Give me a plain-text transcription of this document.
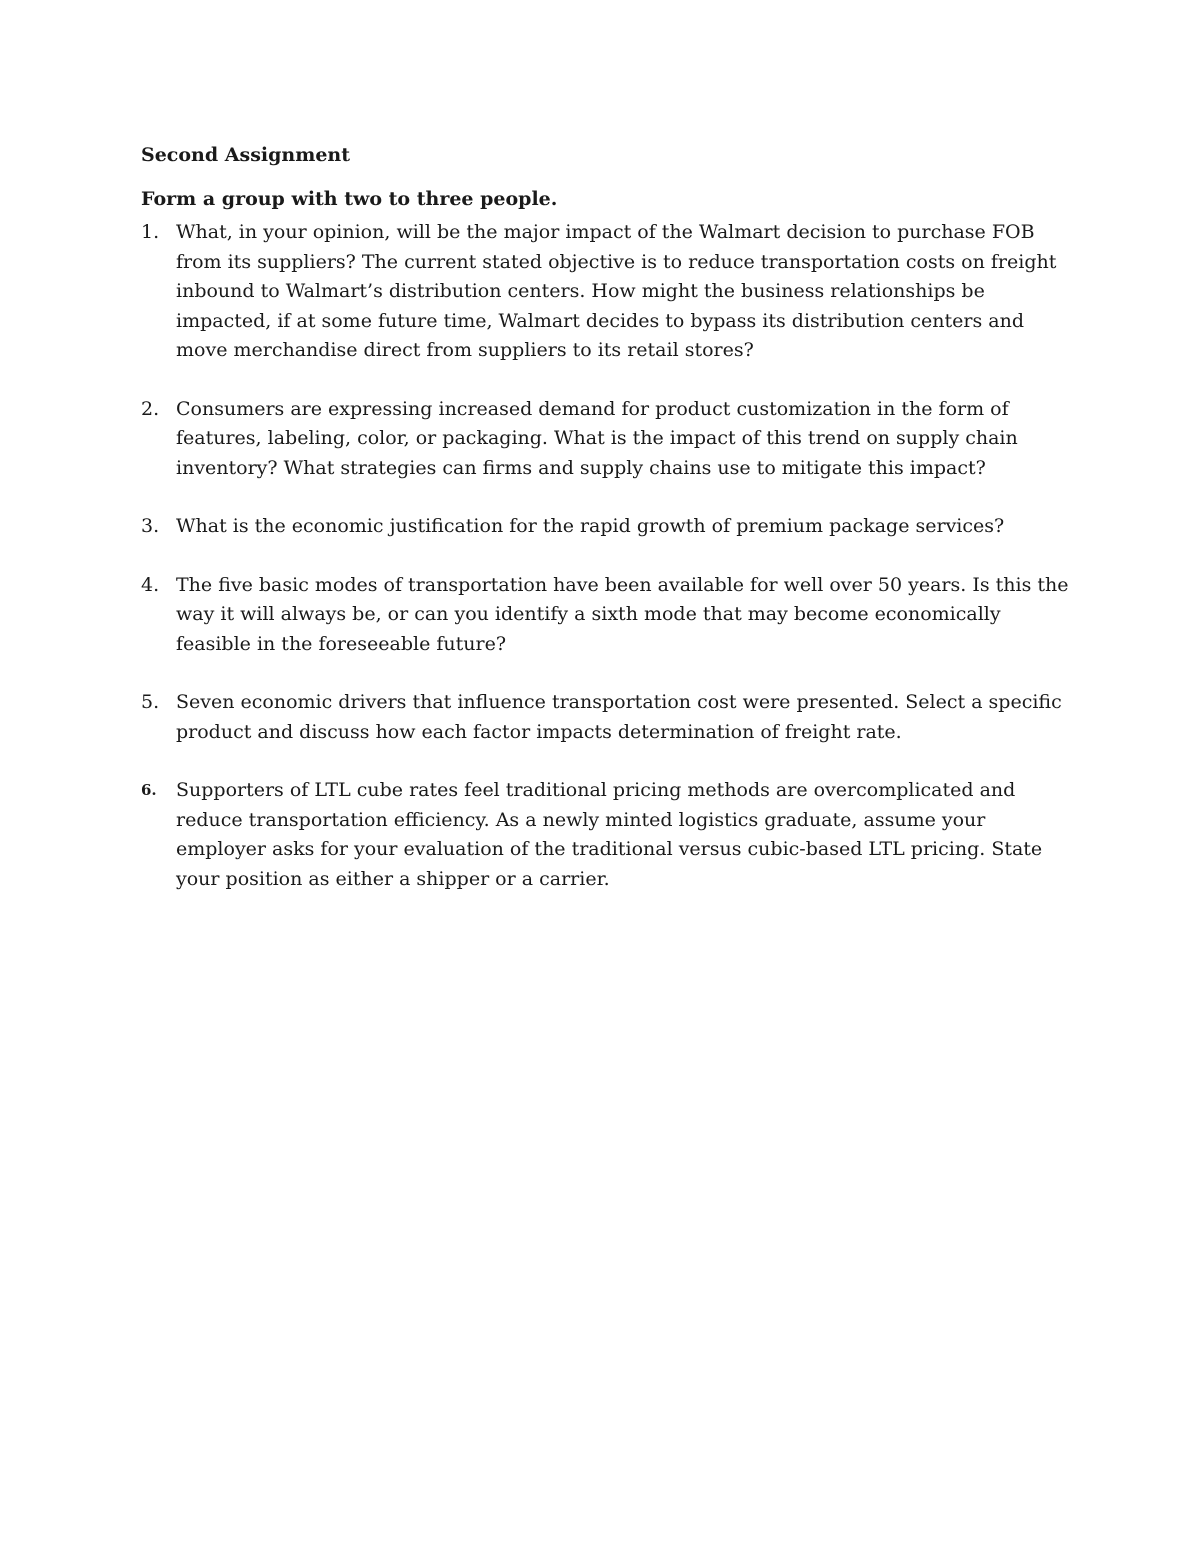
Second Assignment
Form a group with two to three people.
1. What, in your opinion, will be the major impact of the Walmart decision to purchase FOB from its suppliers? The current stated objective is to reduce transportation costs on freight inbound to Walmart’s distribution centers. How might the business relationships be impacted, if at some future time, Walmart decides to bypass its distribution centers and move merchandise direct from suppliers to its retail stores?
2. Consumers are expressing increased demand for product customization in the form of features, labeling, color, or packaging. What is the impact of this trend on supply chain inventory? What strategies can firms and supply chains use to mitigate this impact?
3. What is the economic justification for the rapid growth of premium package services?
4. The five basic modes of transportation have been available for well over 50 years. Is this the way it will always be, or can you identify a sixth mode that may become economically feasible in the foreseeable future?
5. Seven economic drivers that influence transportation cost were presented. Select a specific product and discuss how each factor impacts determination of freight rate.
6. Supporters of LTL cube rates feel traditional pricing methods are overcomplicated and reduce transportation efficiency. As a newly minted logistics graduate, assume your employer asks for your evaluation of the traditional versus cubic-based LTL pricing. State your position as either a shipper or a carrier.
